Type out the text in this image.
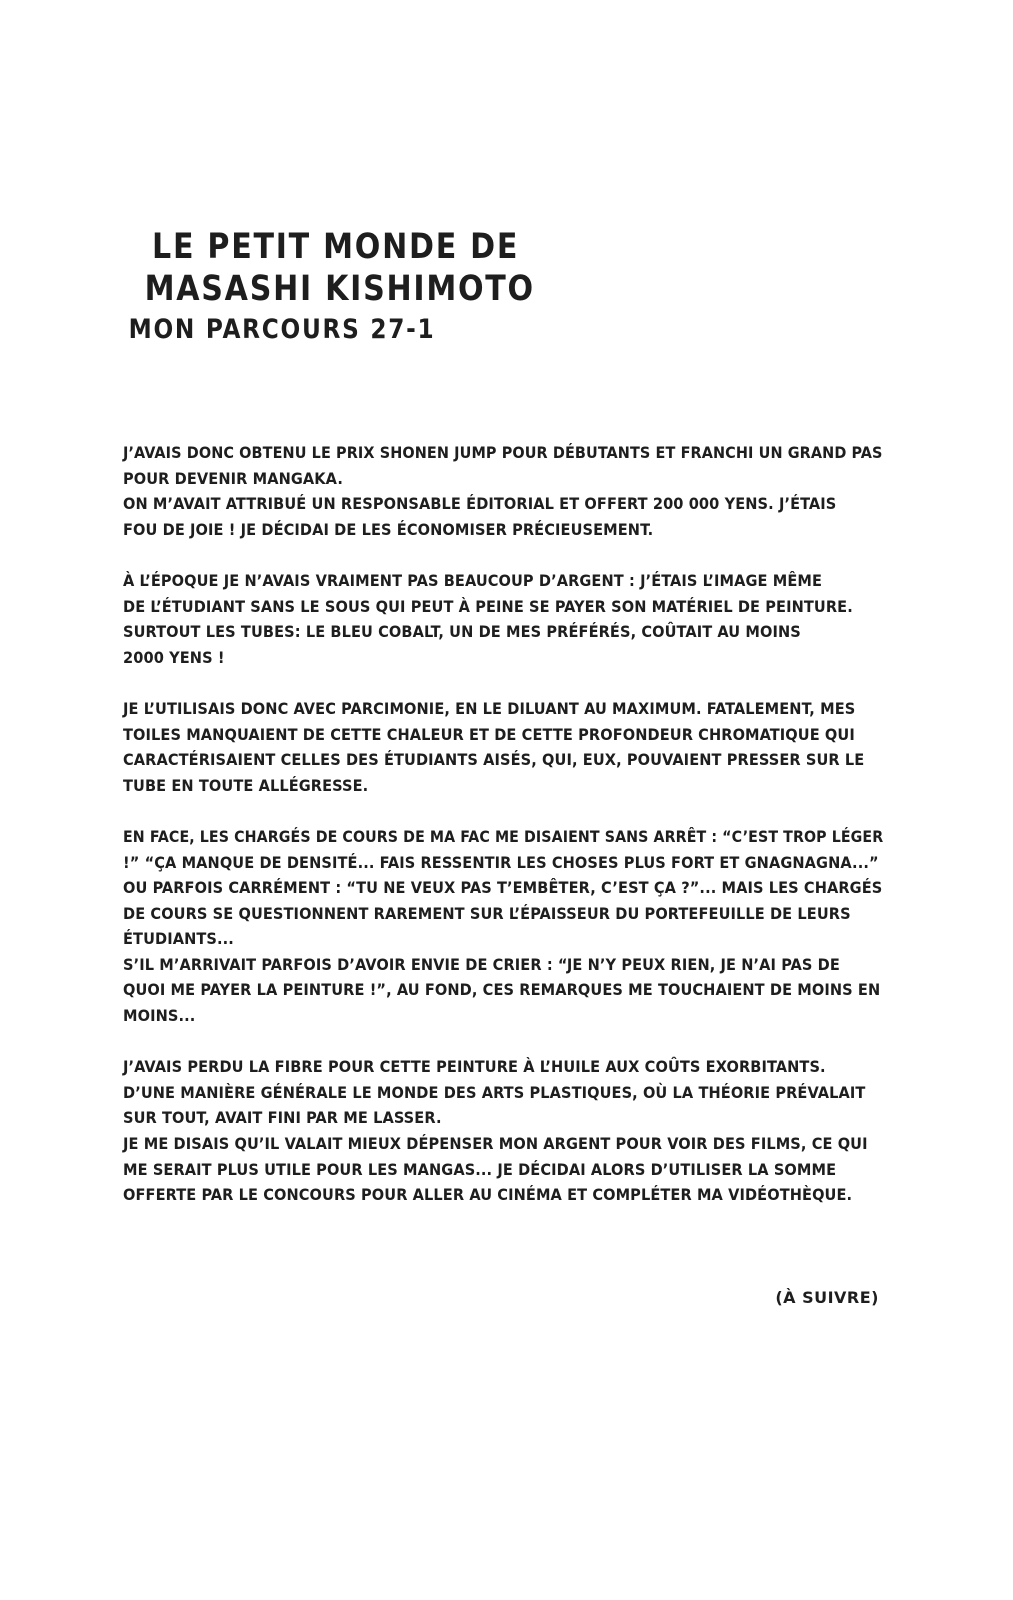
LE PETIT MONDE DE
MASASHI KISHIMOTO
MON PARCOURS 27-1
J’AVAIS DONC OBTENU LE PRIX SHONEN JUMP POUR DÉBUTANTS ET FRANCHI UN GRAND PAS
POUR DEVENIR MANGAKA.
ON M’AVAIT ATTRIBUÉ UN RESPONSABLE ÉDITORIAL ET OFFERT 200 000 YENS. J’ÉTAIS
FOU DE JOIE ! JE DÉCIDAI DE LES ÉCONOMISER PRÉCIEUSEMENT.
À L’ÉPOQUE JE N’AVAIS VRAIMENT PAS BEAUCOUP D’ARGENT : J’ÉTAIS L’IMAGE MÊME
DE L’ÉTUDIANT SANS LE SOUS QUI PEUT À PEINE SE PAYER SON MATÉRIEL DE PEINTURE.
SURTOUT LES TUBES: LE BLEU COBALT, UN DE MES PRÉFÉRÉS, COÛTAIT AU MOINS
2000 YENS !
JE L’UTILISAIS DONC AVEC PARCIMONIE, EN LE DILUANT AU MAXIMUM. FATALEMENT, MES
TOILES MANQUAIENT DE CETTE CHALEUR ET DE CETTE PROFONDEUR CHROMATIQUE QUI
CARACTÉRISAIENT CELLES DES ÉTUDIANTS AISÉS, QUI, EUX, POUVAIENT PRESSER SUR LE
TUBE EN TOUTE ALLÉGRESSE.
EN FACE, LES CHARGÉS DE COURS DE MA FAC ME DISAIENT SANS ARRÊT : “C’EST TROP LÉGER
!” “ÇA MANQUE DE DENSITÉ... FAIS RESSENTIR LES CHOSES PLUS FORT ET GNAGNAGNA...”
OU PARFOIS CARRÉMENT : “TU NE VEUX PAS T’EMBÊTER, C’EST ÇA ?”... MAIS LES CHARGÉS
DE COURS SE QUESTIONNENT RAREMENT SUR L’ÉPAISSEUR DU PORTEFEUILLE DE LEURS
ÉTUDIANTS...
S’IL M’ARRIVAIT PARFOIS D’AVOIR ENVIE DE CRIER : “JE N’Y PEUX RIEN, JE N’AI PAS DE
QUOI ME PAYER LA PEINTURE !”, AU FOND, CES REMARQUES ME TOUCHAIENT DE MOINS EN
MOINS...
J’AVAIS PERDU LA FIBRE POUR CETTE PEINTURE À L’HUILE AUX COÛTS EXORBITANTS.
D’UNE MANIÈRE GÉNÉRALE LE MONDE DES ARTS PLASTIQUES, OÙ LA THÉORIE PRÉVALAIT
SUR TOUT, AVAIT FINI PAR ME LASSER.
JE ME DISAIS QU’IL VALAIT MIEUX DÉPENSER MON ARGENT POUR VOIR DES FILMS, CE QUI
ME SERAIT PLUS UTILE POUR LES MANGAS... JE DÉCIDAI ALORS D’UTILISER LA SOMME
OFFERTE PAR LE CONCOURS POUR ALLER AU CINÉMA ET COMPLÉTER MA VIDÉOTHÈQUE.
(À SUIVRE)
